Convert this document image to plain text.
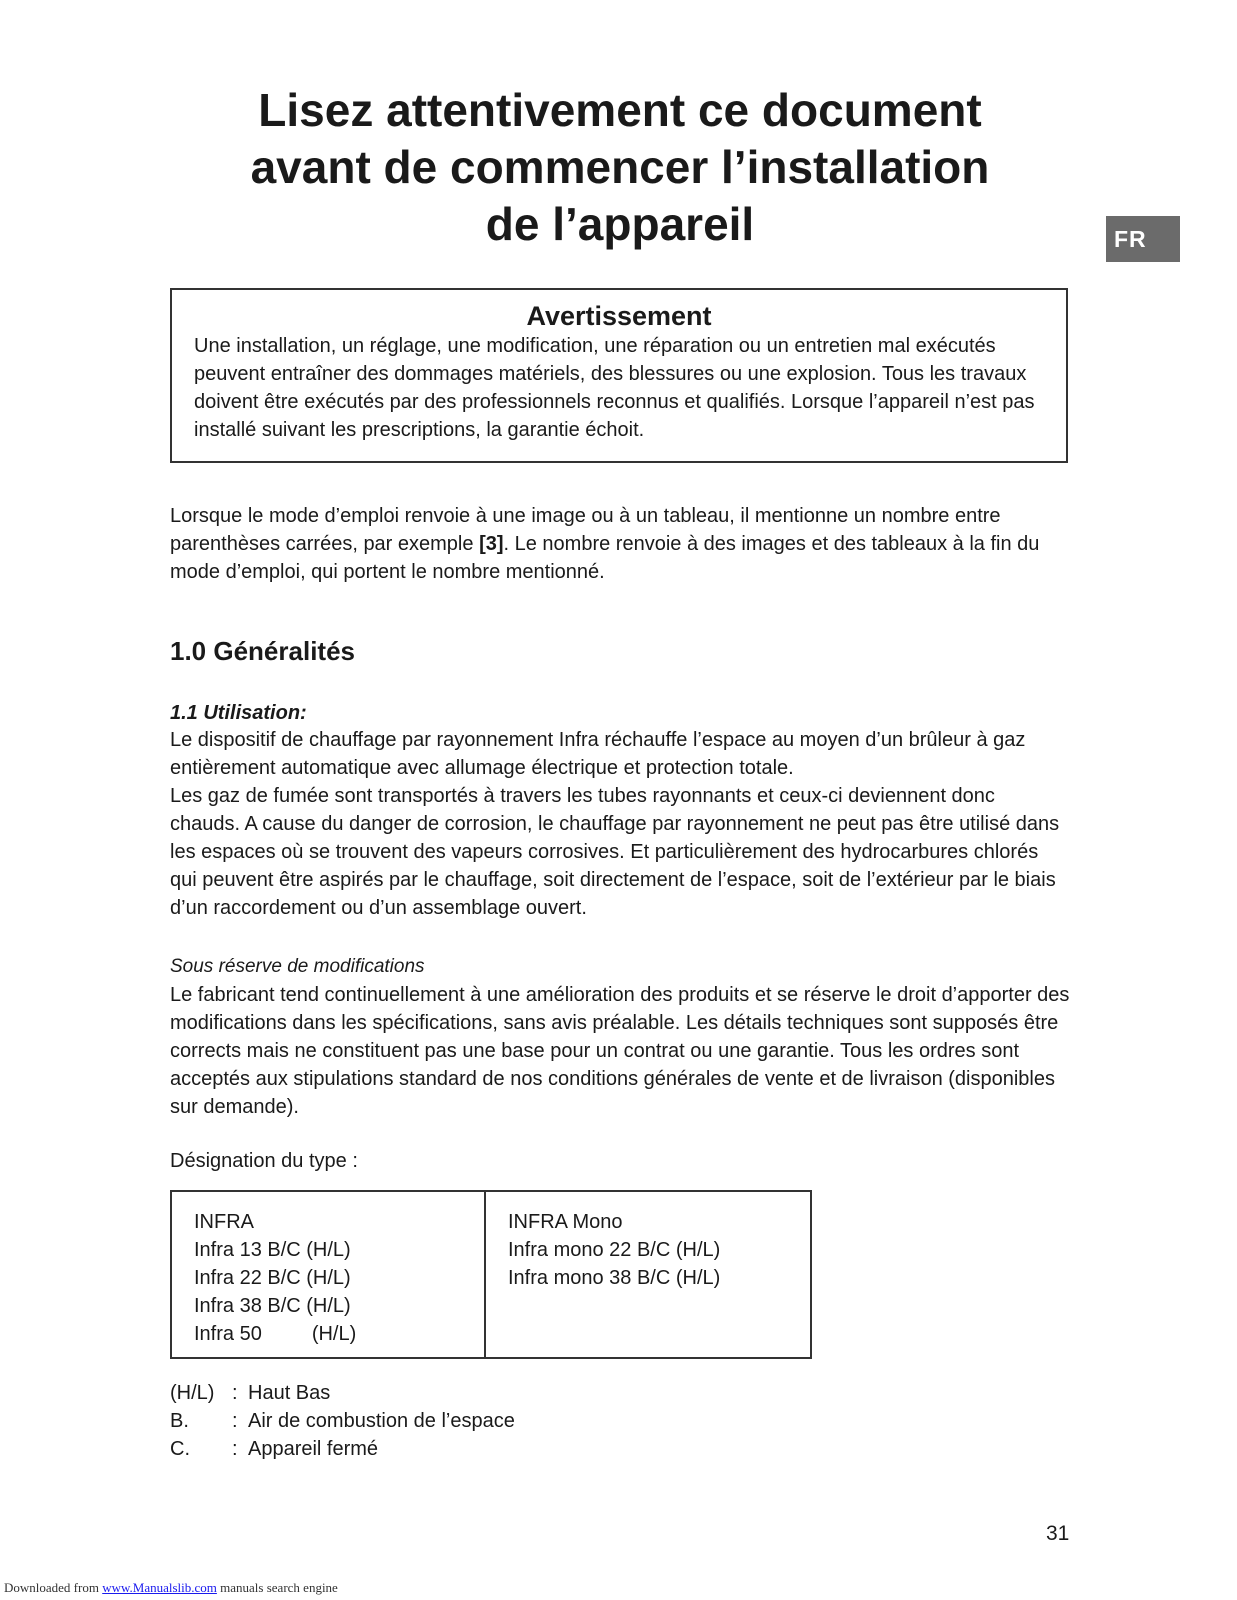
Lisez attentivement ce document
avant de commencer l’installation
de l’appareil	FR

Avertissement

Une installation, un réglage, une modification, une réparation ou un entretien mal exécutés peuvent entraîner des dommages matériels, des blessures ou une explosion. Tous les travaux doivent être exécutés par des professionnels reconnus et qualifiés. Lorsque l’appareil n’est pas installé suivant les prescriptions, la garantie échoit.

Lorsque le mode d’emploi renvoie à une image ou à un tableau, il mentionne un nombre entre parenthèses carrées, par exemple [3]. Le nombre renvoie à des images et des tableaux à la fin du mode d’emploi, qui portent le nombre mentionné.

1.0 Généralités
1.1 Utilisation:

Le dispositif de chauffage par rayonnement Infra réchauffe l’espace au moyen d’un brûleur à gaz entièrement automatique avec allumage électrique et protection totale.

Les gaz de fumée sont transportés à travers les tubes rayonnants et ceux-ci deviennent donc chauds. A cause du danger de corrosion, le chauffage par rayonnement ne peut pas être utilisé dans les espaces où se trouvent des vapeurs corrosives. Et particulièrement des hydrocarbures chlorés qui peuvent être aspirés par le chauffage, soit directement de l’espace, soit de l’extérieur par le biais d’un raccordement ou d’un assemblage ouvert.

Sous réserve de modifications

Le fabricant tend continuellement à une amélioration des produits et se réserve le droit d’apporter des modifications dans les spécifications, sans avis préalable. Les détails techniques sont supposés être corrects mais ne constituent pas une base pour un contrat ou une garantie. Tous les ordres sont acceptés aux stipulations standard de nos conditions générales de vente et de livraison (disponibles sur demande).

Désignation du type :

INFRA
Infra 13 B/C (H/L)
Infra 22 B/C (H/L)
Infra 38 B/C (H/L)
Infra 50         (H/L)
INFRA Mono
Infra mono 22 B/C (H/L)
Infra mono 38 B/C (H/L)
(H/L) : Haut Bas
B.	: Air de combustion de l’espace
C.	: Appareil fermé

31

Downloaded from www.Manualslib.com manuals search engine
